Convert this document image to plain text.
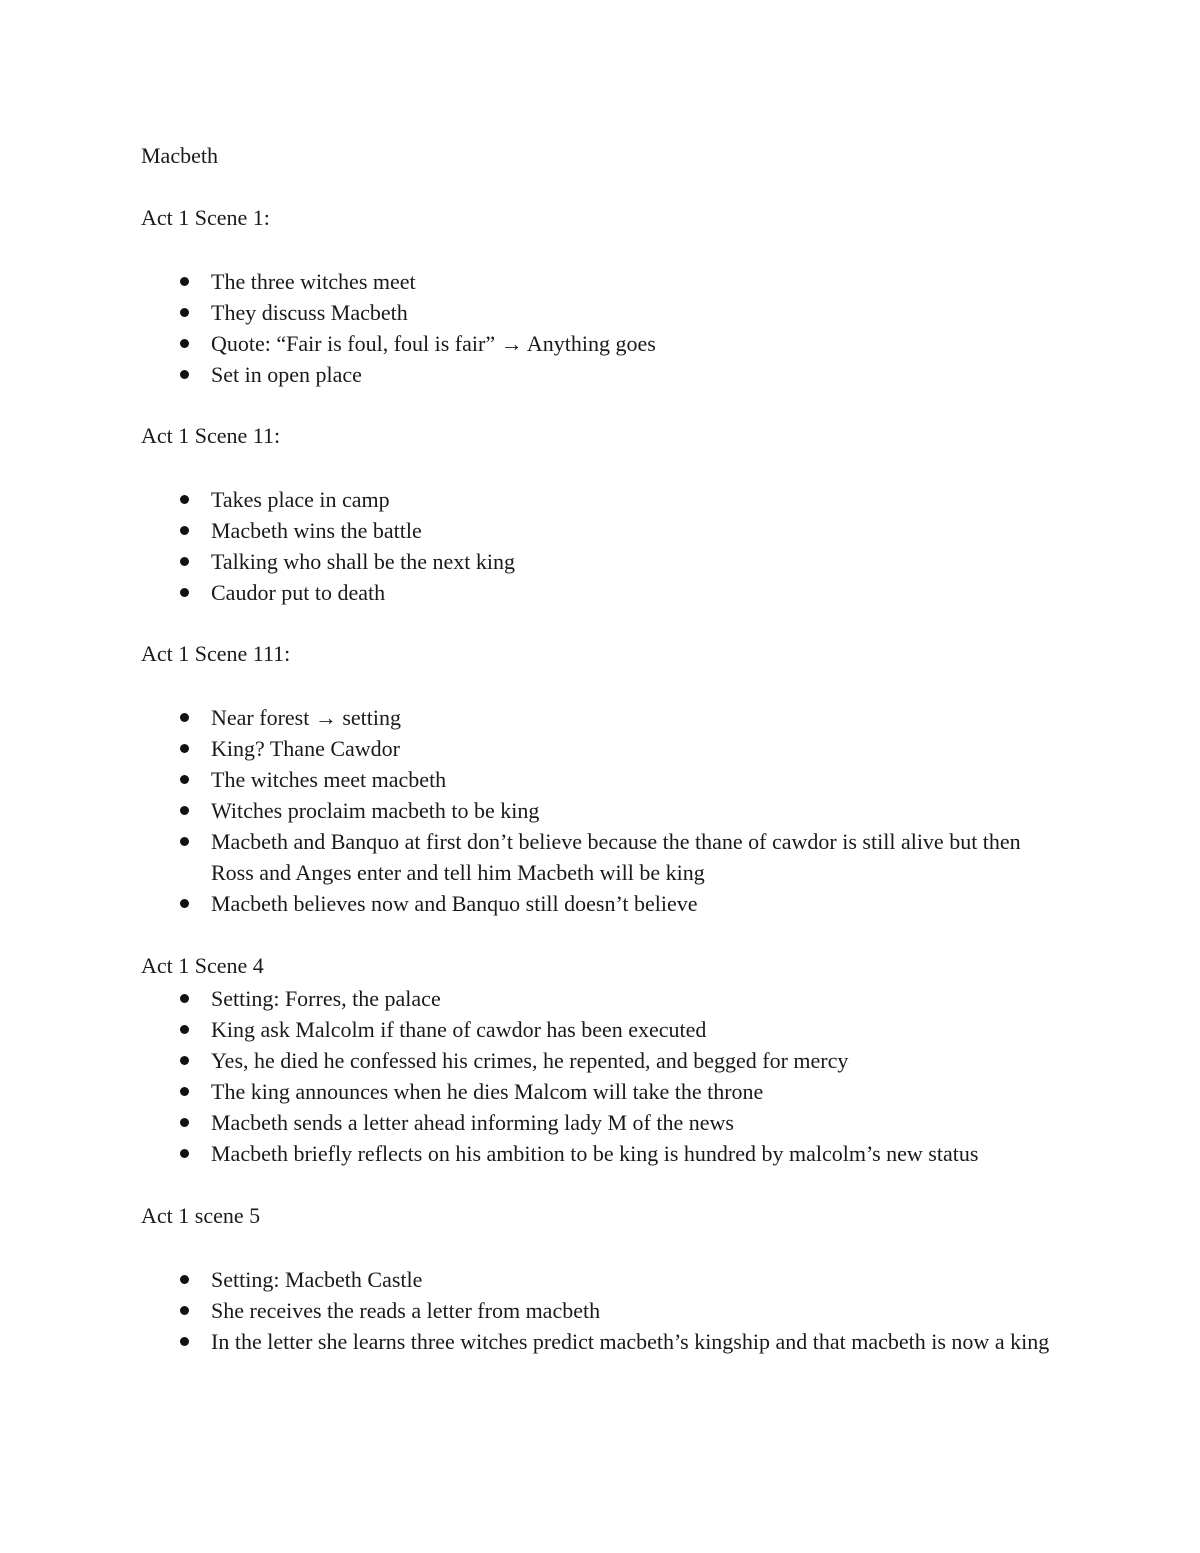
Macbeth

Act 1 Scene 1:

The three witches meet
They discuss Macbeth
Quote: “Fair is foul, foul is fair” → Anything goes
Set in open place

Act 1 Scene 11:

Takes place in camp
Macbeth wins the battle
Talking who shall be the next king
Caudor put to death

Act 1 Scene 111:

Near forest → setting
King? Thane Cawdor
The witches meet macbeth
Witches proclaim macbeth to be king
Macbeth and Banquo at first don’t believe because the thane of cawdor is still alive but then Ross and Anges enter and tell him Macbeth will be king
Macbeth believes now and Banquo still doesn’t believe

Act 1 Scene 4

Setting: Forres, the palace
King ask Malcolm if thane of cawdor has been executed
Yes, he died he confessed his crimes, he repented, and begged for mercy
The king announces when he dies Malcom will take the throne
Macbeth sends a letter ahead informing lady M of the news
Macbeth briefly reflects on his ambition to be king is hundred by malcolm’s new status

Act 1 scene 5

Setting: Macbeth Castle
She receives the reads a letter from macbeth
In the letter she learns three witches predict macbeth’s kingship and that macbeth is now a king
